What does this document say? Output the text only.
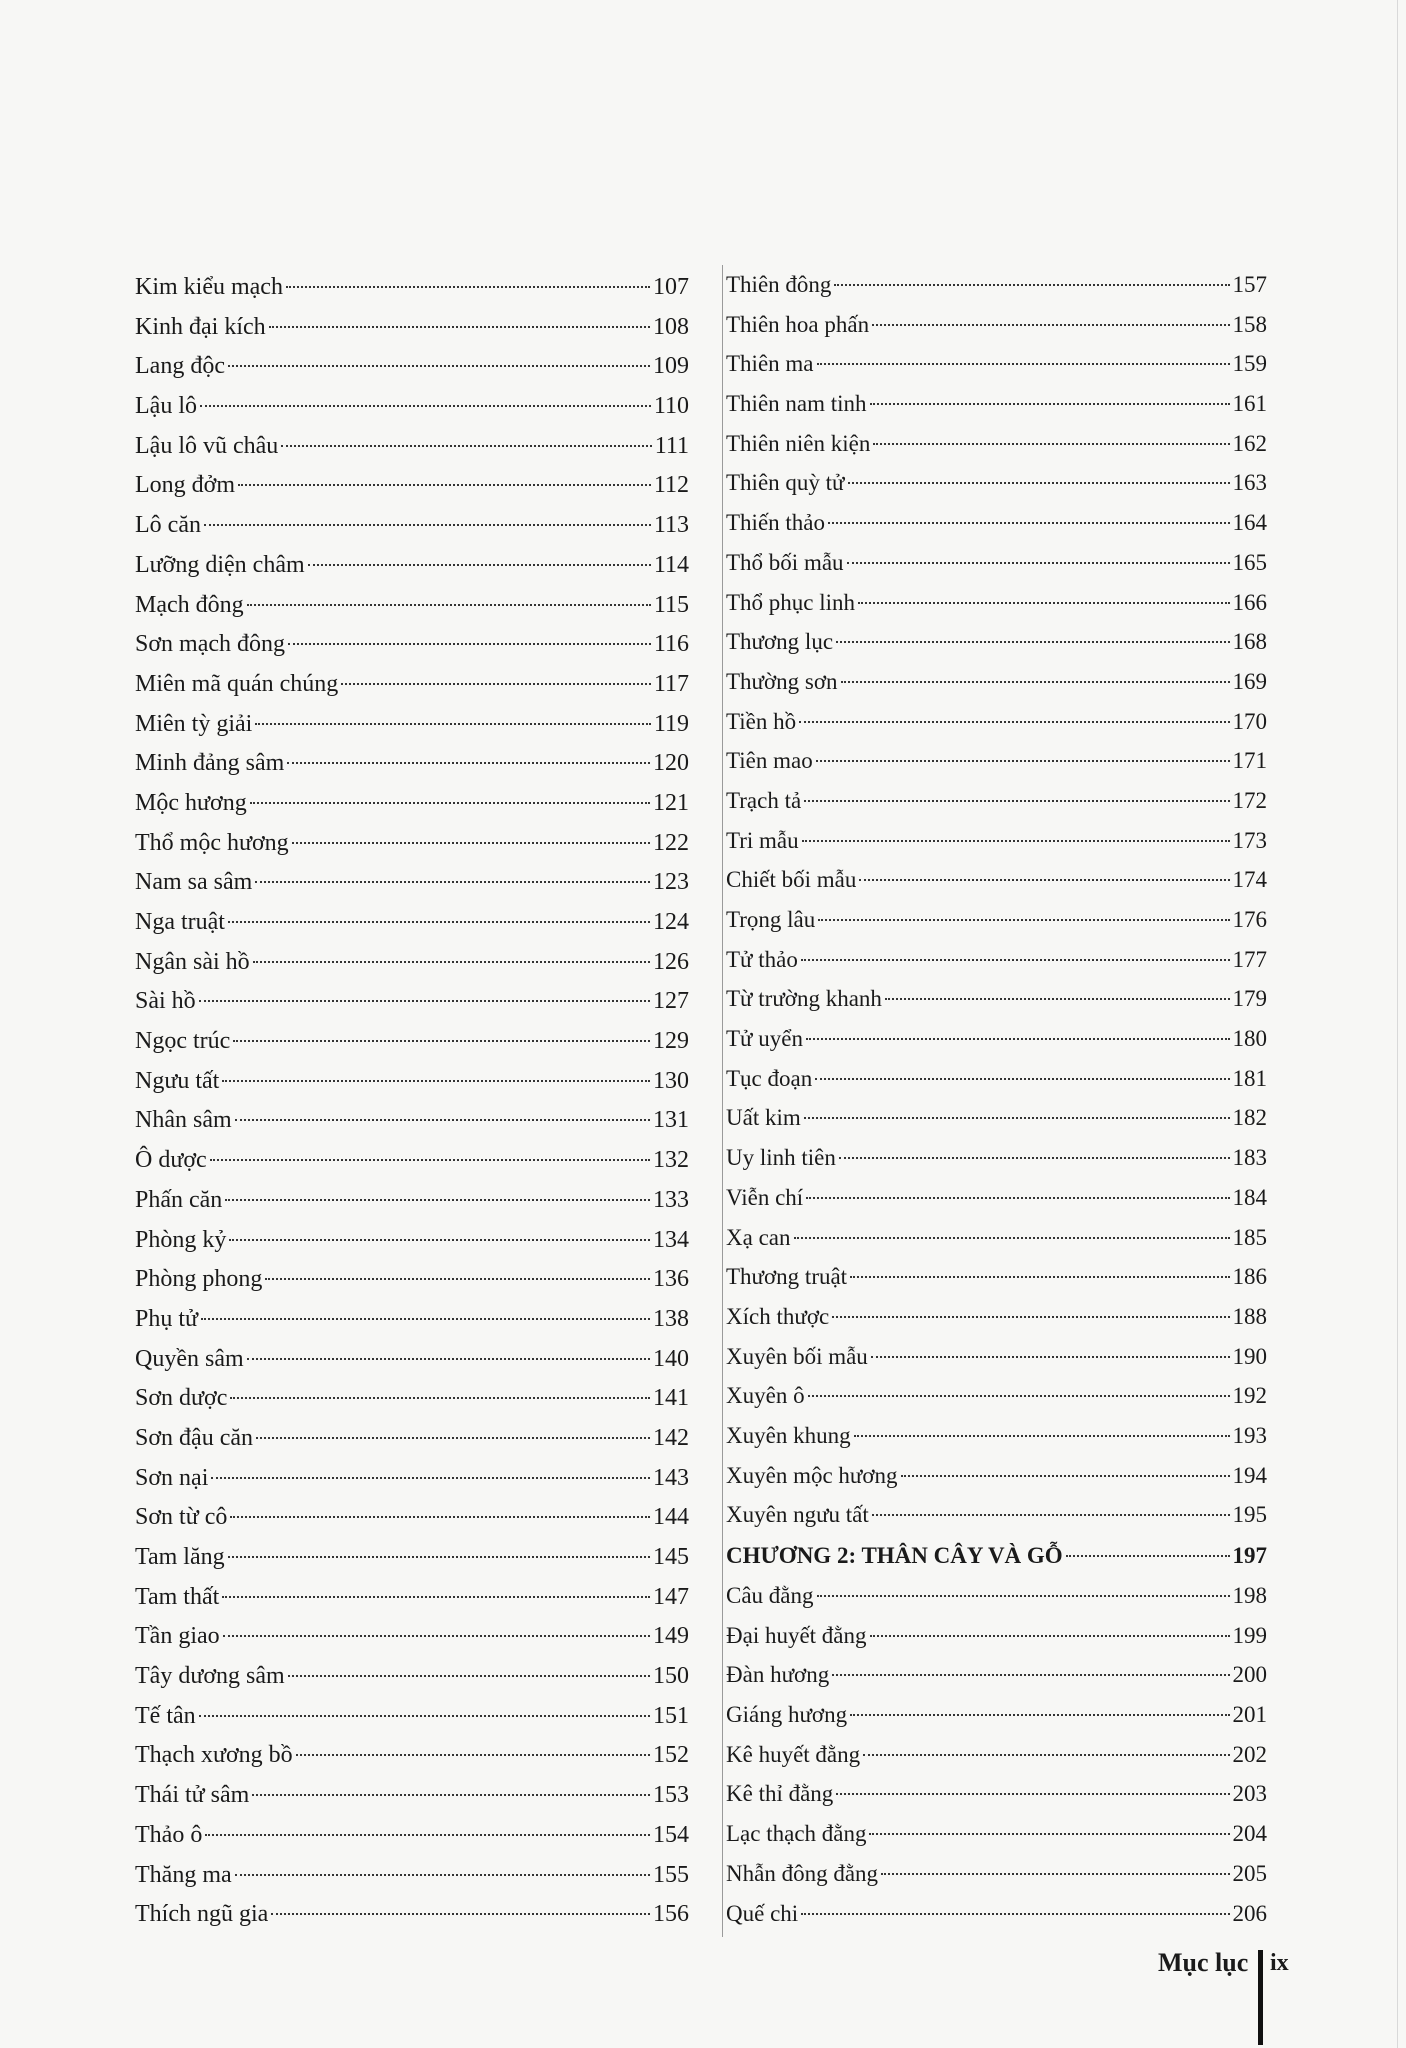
Kim kiểu mạch	107
Kinh đại kích	108
Lang độc	109
Lậu lô	110
Lậu lô vũ châu	111
Long đởm	112
Lô căn	113
Lưỡng diện châm	114
Mạch đông	115
Sơn mạch đông	116
Miên mã quán chúng	117
Miên tỳ giải	119
Minh đảng sâm	120
Mộc hương	121
Thổ mộc hương	122
Nam sa sâm	123
Nga truật	124
Ngân sài hồ	126
Sài hồ	127
Ngọc trúc	129
Ngưu tất	130
Nhân sâm	131
Ô dược	132
Phấn căn	133
Phòng kỷ	134
Phòng phong	136
Phụ tử	138
Quyền sâm	140
Sơn dược	141
Sơn đậu căn	142
Sơn nại	143
Sơn từ cô	144
Tam lăng	145
Tam thất	147
Tần giao	149
Tây dương sâm	150
Tế tân	151
Thạch xương bồ	152
Thái tử sâm	153
Thảo ô	154
Thăng ma	155
Thích ngũ gia	156
Thiên đông	157
Thiên hoa phấn	158
Thiên ma	159
Thiên nam tinh	161
Thiên niên kiện	162
Thiên quỳ tử	163
Thiến thảo	164
Thổ bối mẫu	165
Thổ phục linh	166
Thương lục	168
Thường sơn	169
Tiền hồ	170
Tiên mao	171
Trạch tả	172
Tri mẫu	173
Chiết bối mẫu	174
Trọng lâu	176
Tử thảo	177
Từ trường khanh	179
Tử uyển	180
Tục đoạn	181
Uất kim	182
Uy linh tiên	183
Viễn chí	184
Xạ can	185
Thương truật	186
Xích thược	188
Xuyên bối mẫu	190
Xuyên ô	192
Xuyên khung	193
Xuyên mộc hương	194
Xuyên ngưu tất	195
CHƯƠNG 2: THÂN CÂY VÀ GỖ	197
Câu đằng	198
Đại huyết đằng	199
Đàn hương	200
Giáng hương	201
Kê huyết đằng	202
Kê thỉ đằng	203
Lạc thạch đằng	204
Nhẫn đông đằng	205
Quế chi	206
Mục lục ix
